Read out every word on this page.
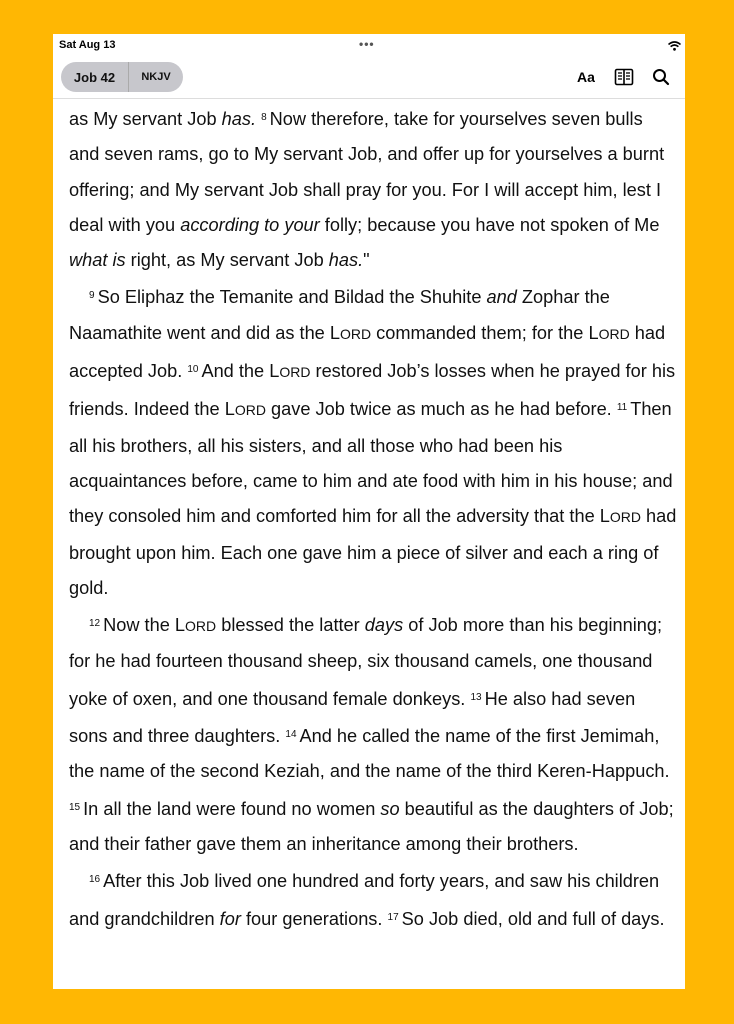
Sat Aug 13	•••
Job 42	NKJV	Aa

as My servant Job has. $^8$ Now therefore, take for yourselves seven bulls and seven rams, go to My servant Job, and offer up for yourselves a burnt offering; and My servant Job shall pray for you. For I will accept him, lest I deal with you according to your folly; because you have not spoken of Me what is right, as My servant Job has."

$^9$ So Eliphaz the Temanite and Bildad the Shuhite and Zophar the Naamathite went and did as the LORD commanded them; for the LORD had accepted Job. $^{10}$ And the LORD restored Job’s losses when he prayed for his friends. Indeed the LORD gave Job twice as much as he had before. $^{11}$ Then all his brothers, all his sisters, and all those who had been his acquaintances before, came to him and ate food with him in his house; and they consoled him and comforted him for all the adversity that the LORD had brought upon him. Each one gave him a piece of silver and each a ring of gold.

$^{12}$ Now the LORD blessed the latter days of Job more than his beginning; for he had fourteen thousand sheep, six thousand camels, one thousand yoke of oxen, and one thousand female donkeys. $^{13}$ He also had seven sons and three daughters. $^{14}$ And he called the name of the first Jemimah, the name of the second Keziah, and the name of the third Keren-Happuch. $^{15}$ In all the land were found no women so beautiful as the daughters of Job; and their father gave them an inheritance among their brothers.

$^{16}$ After this Job lived one hundred and forty years, and saw his children and grandchildren for four generations. $^{17}$ So Job died, old and full of days.
